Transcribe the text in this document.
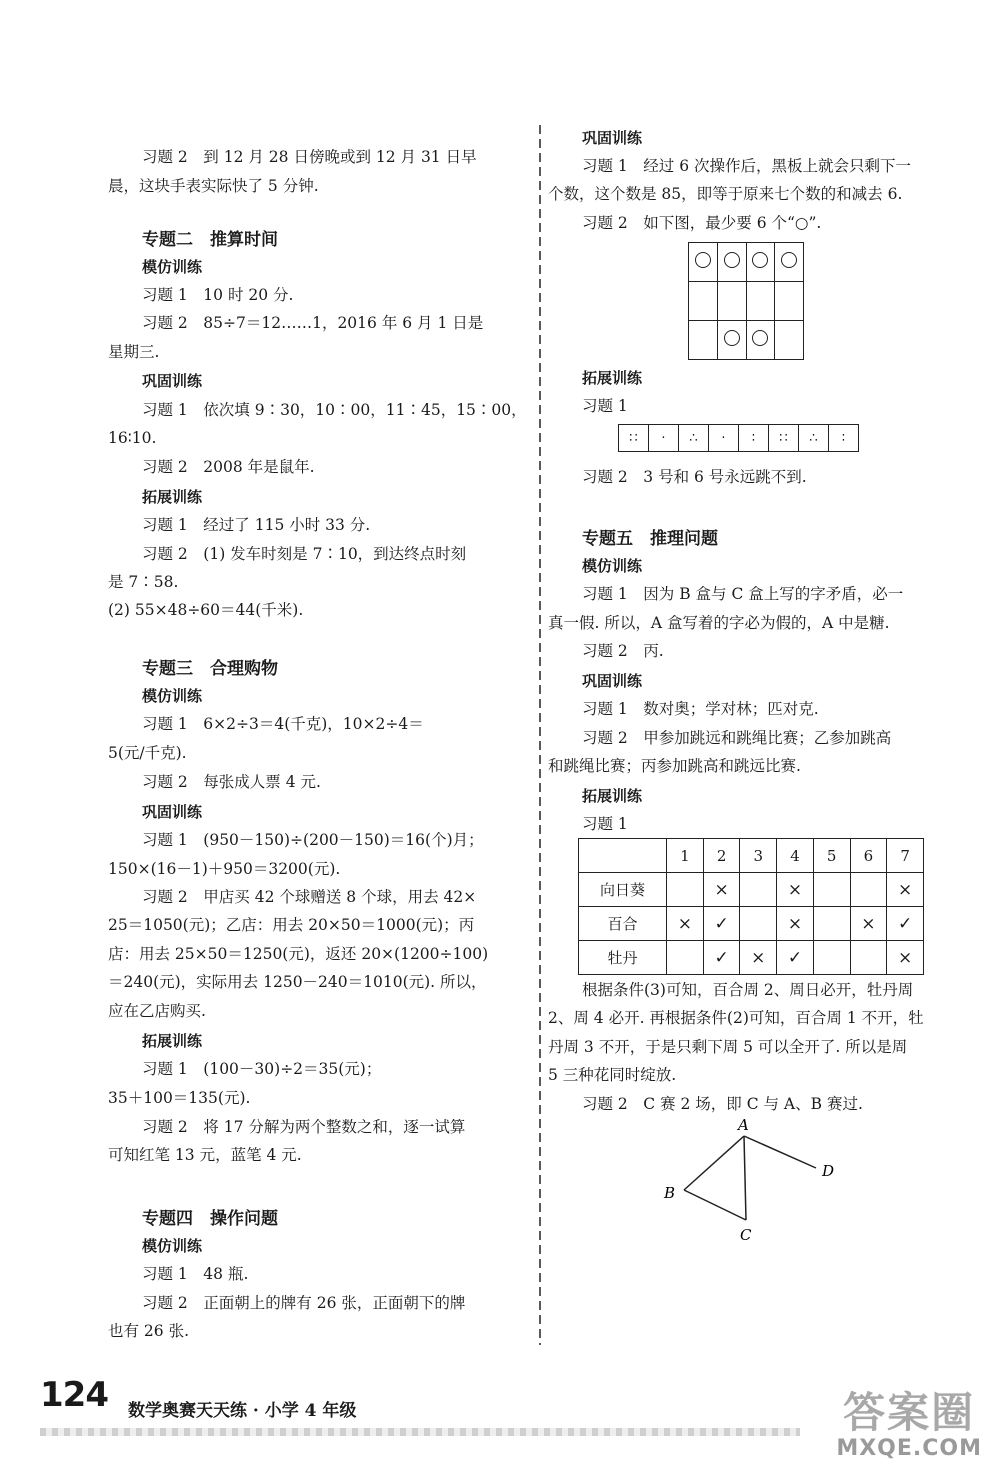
习题 2　到 12 月 28 日傍晚或到 12 月 31 日早
晨，这块手表实际快了 5 分钟.
专题二　推算时间
模仿训练
习题 1　10 时 20 分.
习题 2　85÷7＝12……1，2016 年 6 月 1 日是
星期三.
巩固训练
习题 1　依次填 9∶30，10∶00，11∶45，15∶00，
16∶10.
习题 2　2008 年是鼠年.
拓展训练
习题 1　经过了 115 小时 33 分.
习题 2　(1) 发车时刻是 7∶10，到达终点时刻
是 7∶58.
(2) 55×48÷60＝44(千米).
专题三　合理购物
模仿训练
习题 1　6×2÷3＝4(千克)，10×2÷4＝
5(元/千克).
习题 2　每张成人票 4 元.
巩固训练
习题 1　(950－150)÷(200－150)＝16(个)月；
150×(16－1)＋950＝3200(元).
习题 2　甲店买 42 个球赠送 8 个球，用去 42×
25＝1050(元)；乙店：用去 20×50＝1000(元)；丙
店：用去 25×50＝1250(元)，返还 20×(1200÷100)
＝240(元)，实际用去 1250－240＝1010(元). 所以，
应在乙店购买.
拓展训练
习题 1　(100－30)÷2＝35(元)；
35＋100＝135(元).
习题 2　将 17 分解为两个整数之和，逐一试算
可知红笔 13 元，蓝笔 4 元.
专题四　操作问题
模仿训练
习题 1　48 瓶.
习题 2　正面朝上的牌有 26 张，正面朝下的牌
也有 26 张.
巩固训练
习题 1　经过 6 次操作后，黑板上就会只剩下一
个数，这个数是 85，即等于原来七个数的和减去 6.
习题 2　如下图，最少要 6 个“○”.

拓展训练
习题 1
∷	·	∴	·	∶	∷	∴	∶
习题 2　3 号和 6 号永远跳不到.
专题五　推理问题
模仿训练
习题 1　因为 B 盒与 C 盒上写的字矛盾，必一
真一假. 所以，A 盒写着的字必为假的，A 中是糖.
习题 2　丙.
巩固训练
习题 1　数对奥；学对林；匹对克.
习题 2　甲参加跳远和跳绳比赛；乙参加跳高
和跳绳比赛；丙参加跳高和跳远比赛.
拓展训练
习题 1
	1	2	3	4	5	6	7
向日葵		×		×			×
百合	×	✓		×		×	✓
牡丹		✓	×	✓			×
根据条件(3)可知，百合周 2、周日必开，牡丹周
2、周 4 必开. 再根据条件(2)可知，百合周 1 不开，牡
丹周 3 不开，于是只剩下周 5 可以全开了. 所以是周
5 三种花同时绽放.
习题 2　C 赛 2 场，即 C 与 A、B 赛过.
A
B
C
D
124 数学奥赛天天练 · 小学 4 年级	答案圈
MXQE.COM
